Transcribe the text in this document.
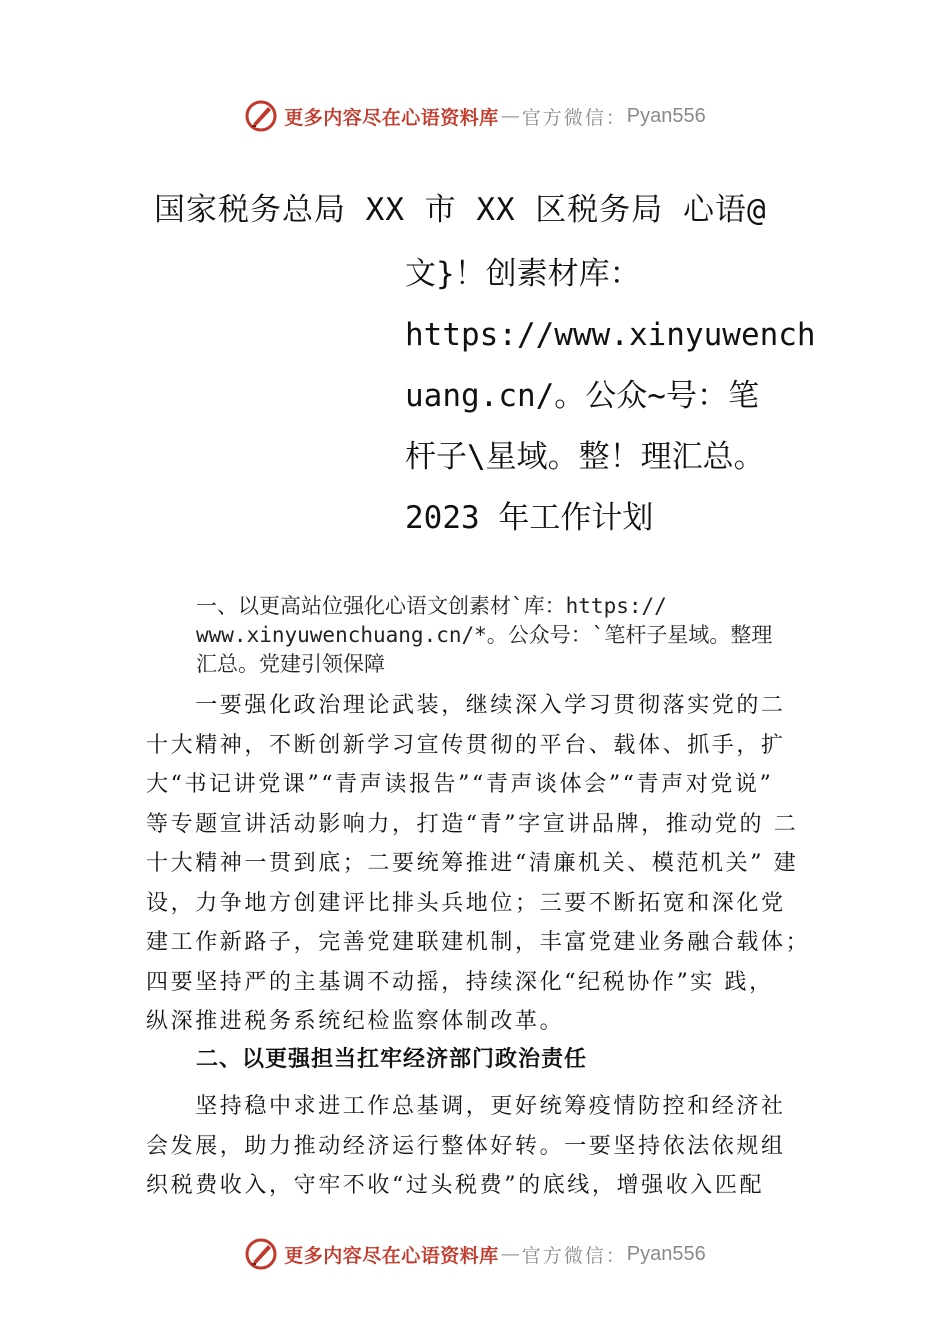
更多内容尽在心语资料库 — 官方微信： Pyan556
国家税务总局 XX 市 XX 区税务局 心语@
文}！创素材库：
https://www.xinyuwench
uang.cn/。公众~号：笔
杆子\星域。整！理汇总。
2023 年工作计划
一、以更高站位强化心语文创素材`库：https://
www.xinyuwenchuang.cn/*。公众号：`笔杆子星域。整理
汇总。党建引领保障
　　一要强化政治理论武装，继续深入学习贯彻落实党的二
十大精神，不断创新学习宣传贯彻的平台、载体、抓手，扩
大“书记讲党课”“青声读报告”“青声谈体会”“青声对党说”
等专题宣讲活动影响力，打造“青”字宣讲品牌，推动党的 二
十大精神一贯到底；二要统筹推进“清廉机关、模范机关” 建
设，力争地方创建评比排头兵地位；三要不断拓宽和深化党
建工作新路子，完善党建联建机制，丰富党建业务融合载体；
四要坚持严的主基调不动摇，持续深化“纪税协作”实 践，
纵深推进税务系统纪检监察体制改革。
二、以更强担当扛牢经济部门政治责任
　　坚持稳中求进工作总基调，更好统筹疫情防控和经济社
会发展，助力推动经济运行整体好转。一要坚持依法依规组
织税费收入，守牢不收“过头税费”的底线，增强收入匹配
更多内容尽在心语资料库 — 官方微信： Pyan556
